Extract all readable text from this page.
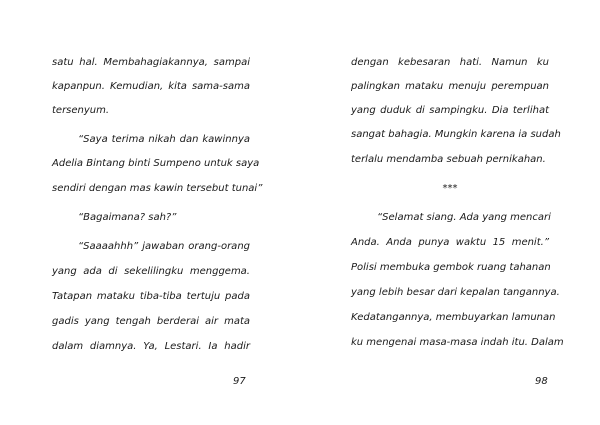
satu hal. Membahagiakannya, sampai
kapanpun. Kemudian, kita sama-sama
tersenyum.
“Saya terima nikah dan kawinnya
Adelia Bintang binti Sumpeno untuk saya
sendiri dengan mas kawin tersebut tunai”
“Bagaimana? sah?”
“Saaaahhh” jawaban orang-orang
yang ada di sekelilingku menggema.
Tatapan mataku tiba-tiba tertuju pada
gadis yang tengah berderai air mata
dalam diamnya. Ya, Lestari. Ia hadir
97
dengan kebesaran hati. Namun ku
palingkan mataku menuju perempuan
yang duduk di sampingku. Dia terlihat
sangat bahagia. Mungkin karena ia sudah
terlalu mendamba sebuah pernikahan.
***
“Selamat siang. Ada yang mencari
Anda. Anda punya waktu 15 menit.”
Polisi membuka gembok ruang tahanan
yang lebih besar dari kepalan tangannya.
Kedatangannya, membuyarkan lamunan
ku mengenai masa-masa indah itu. Dalam
98
